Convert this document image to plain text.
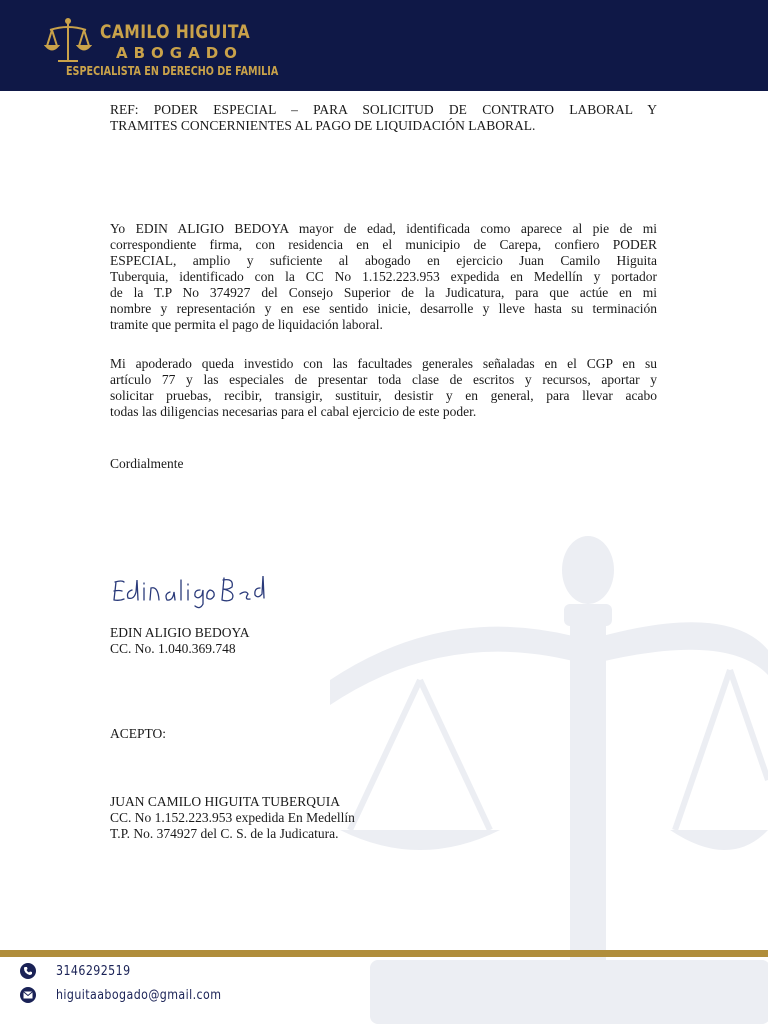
CAMILO HIGUITA
ABOGADO
ESPECIALISTA EN DERECHO DE FAMILIA
REF: PODER ESPECIAL – PARA SOLICITUD DE CONTRATO LABORAL Y
TRAMITES CONCERNIENTES AL PAGO DE LIQUIDACIÓN LABORAL.
Yo EDIN ALIGIO BEDOYA mayor de edad, identificada como aparece al pie de mi
correspondiente firma, con residencia en el municipio de Carepa, confiero PODER
ESPECIAL, amplio y suficiente al abogado en ejercicio Juan Camilo Higuita
Tuberquia, identificado con la CC No 1.152.223.953 expedida en Medellín y portador
de la T.P No 374927 del Consejo Superior de la Judicatura, para que actúe en mi
nombre y representación y en ese sentido inicie, desarrolle y lleve hasta su terminación
tramite que permita el pago de liquidación laboral.
Mi apoderado queda investido con las facultades generales señaladas en el CGP en su
artículo 77 y las especiales de presentar toda clase de escritos y recursos, aportar y
solicitar pruebas, recibir, transigir, sustituir, desistir y en general, para llevar acabo
todas las diligencias necesarias para el cabal ejercicio de este poder.
Cordialmente
EDIN ALIGIO BEDOYA
CC. No. 1.040.369.748
ACEPTO:
JUAN CAMILO HIGUITA TUBERQUIA
CC. No 1.152.223.953 expedida En Medellín
T.P. No. 374927 del C. S. de la Judicatura.
3146292519
higuitaabogado@gmail.com
